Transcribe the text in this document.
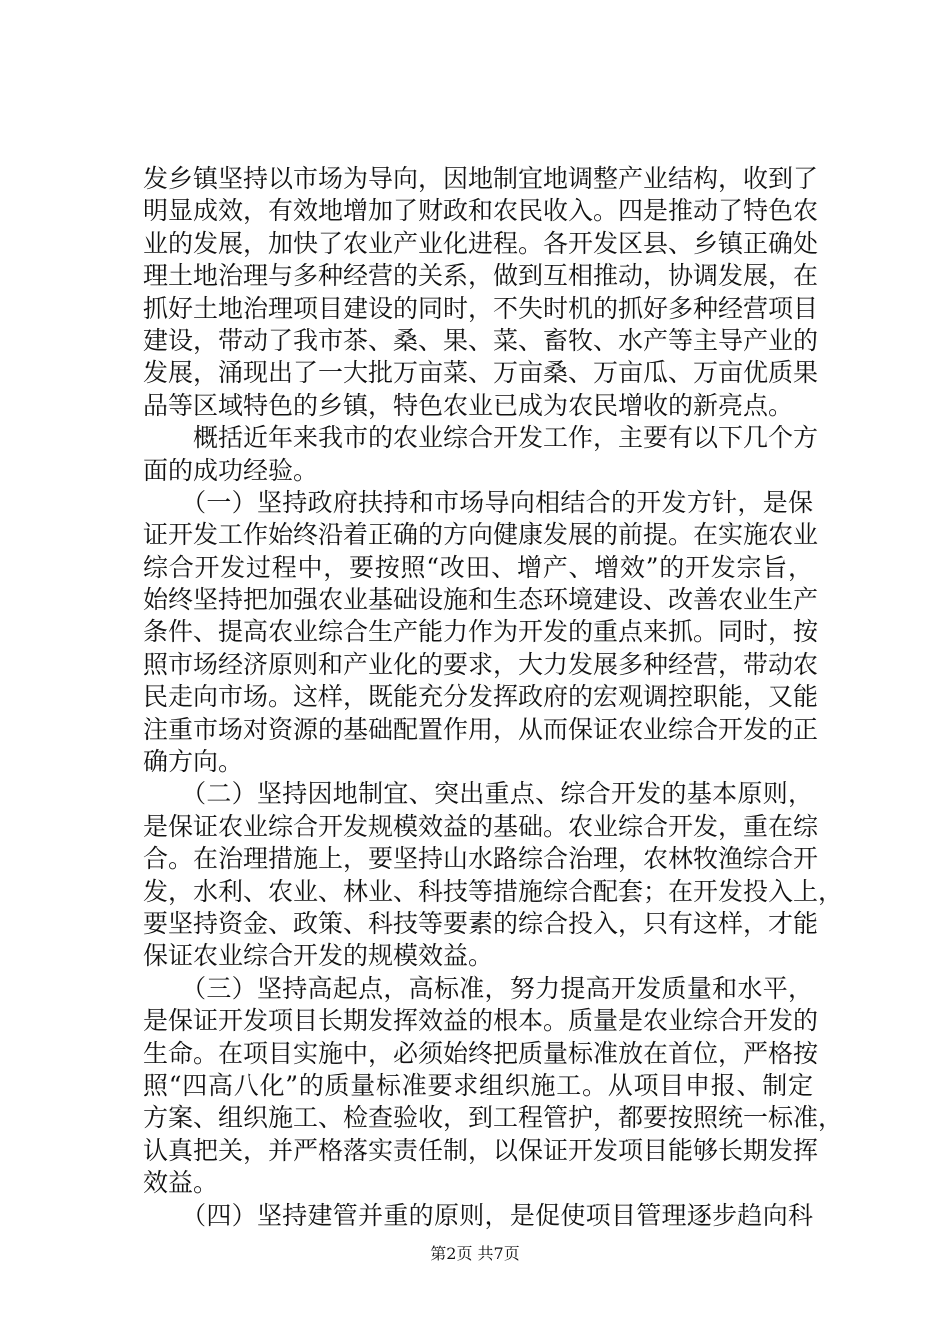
发乡镇坚持以市场为导向，因地制宜地调整产业结构，收到了
明显成效，有效地增加了财政和农民收入。四是推动了特色农
业的发展，加快了农业产业化进程。各开发区县、乡镇正确处
理土地治理与多种经营的关系，做到互相推动，协调发展，在
抓好土地治理项目建设的同时，不失时机的抓好多种经营项目
建设，带动了我市茶、桑、果、菜、畜牧、水产等主导产业的
发展，涌现出了一大批万亩菜、万亩桑、万亩瓜、万亩优质果
品等区域特色的乡镇，特色农业已成为农民增收的新亮点。
　　概括近年来我市的农业综合开发工作，主要有以下几个方
面的成功经验。
　　（一）坚持政府扶持和市场导向相结合的开发方针，是保
证开发工作始终沿着正确的方向健康发展的前提。在实施农业
综合开发过程中，要按照“改田、增产、增效”的开发宗旨，
始终坚持把加强农业基础设施和生态环境建设、改善农业生产
条件、提高农业综合生产能力作为开发的重点来抓。同时，按
照市场经济原则和产业化的要求，大力发展多种经营，带动农
民走向市场。这样，既能充分发挥政府的宏观调控职能，又能
注重市场对资源的基础配置作用，从而保证农业综合开发的正
确方向。
　　（二）坚持因地制宜、突出重点、综合开发的基本原则，
是保证农业综合开发规模效益的基础。农业综合开发，重在综
合。在治理措施上，要坚持山水路综合治理，农林牧渔综合开
发，水利、农业、林业、科技等措施综合配套；在开发投入上，
要坚持资金、政策、科技等要素的综合投入，只有这样，才能
保证农业综合开发的规模效益。
　　（三）坚持高起点，高标准，努力提高开发质量和水平，
是保证开发项目长期发挥效益的根本。质量是农业综合开发的
生命。在项目实施中，必须始终把质量标准放在首位，严格按
照“四高八化”的质量标准要求组织施工。从项目申报、制定
方案、组织施工、检查验收，到工程管护，都要按照统一标准，
认真把关，并严格落实责任制，以保证开发项目能够长期发挥
效益。
　　（四）坚持建管并重的原则，是促使项目管理逐步趋向科
第2页 共7页
